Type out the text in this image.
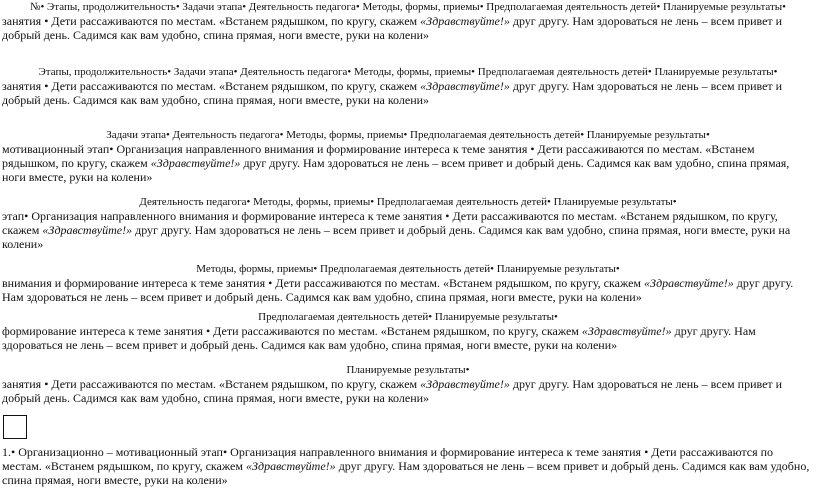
№• Этапы, продолжительность• Задачи этапа• Деятельность педагога• Методы, формы, приемы• Предполагаемая деятельность детей• Планируемые результаты•
занятия • Дети рассаживаются по местам. «Встанем рядышком, по кругу, скажем «Здравствуйте!» друг другу. Нам здороваться не лень – всем привет и добрый день. Садимся как вам удобно, спина прямая, ноги вместе, руки на колени»
Этапы, продолжительность• Задачи этапа• Деятельность педагога• Методы, формы, приемы• Предполагаемая деятельность детей• Планируемые результаты•
занятия • Дети рассаживаются по местам. «Встанем рядышком, по кругу, скажем «Здравствуйте!» друг другу. Нам здороваться не лень – всем привет и добрый день. Садимся как вам удобно, спина прямая, ноги вместе, руки на колени»
Задачи этапа• Деятельность педагога• Методы, формы, приемы• Предполагаемая деятельность детей• Планируемые результаты•
мотивационный этап• Организация направленного внимания и формирование интереса к теме занятия • Дети рассаживаются по местам. «Встанем рядышком, по кругу, скажем «Здравствуйте!» друг другу. Нам здороваться не лень – всем привет и добрый день. Садимся как вам удобно, спина прямая, ноги вместе, руки на колени»
Деятельность педагога• Методы, формы, приемы• Предполагаемая деятельность детей• Планируемые результаты•
этап• Организация направленного внимания и формирование интереса к теме занятия • Дети рассаживаются по местам. «Встанем рядышком, по кругу, скажем «Здравствуйте!» друг другу. Нам здороваться не лень – всем привет и добрый день. Садимся как вам удобно, спина прямая, ноги вместе, руки на колени»
Методы, формы, приемы• Предполагаемая деятельность детей• Планируемые результаты•
внимания и формирование интереса к теме занятия • Дети рассаживаются по местам. «Встанем рядышком, по кругу, скажем «Здравствуйте!» друг другу. Нам здороваться не лень – всем привет и добрый день. Садимся как вам удобно, спина прямая, ноги вместе, руки на колени»
Предполагаемая деятельность детей• Планируемые результаты•
формирование интереса к теме занятия • Дети рассаживаются по местам. «Встанем рядышком, по кругу, скажем «Здравствуйте!» друг другу. Нам здороваться не лень – всем привет и добрый день. Садимся как вам удобно, спина прямая, ноги вместе, руки на колени»
Планируемые результаты•
занятия • Дети рассаживаются по местам. «Встанем рядышком, по кругу, скажем «Здравствуйте!» друг другу. Нам здороваться не лень – всем привет и добрый день. Садимся как вам удобно, спина прямая, ноги вместе, руки на колени»
1.• Организационно – мотивационный этап• Организация направленного внимания и формирование интереса к теме занятия • Дети рассаживаются по местам. «Встанем рядышком, по кругу, скажем «Здравствуйте!» друг другу. Нам здороваться не лень – всем привет и добрый день. Садимся как вам удобно, спина прямая, ноги вместе, руки на колени»
